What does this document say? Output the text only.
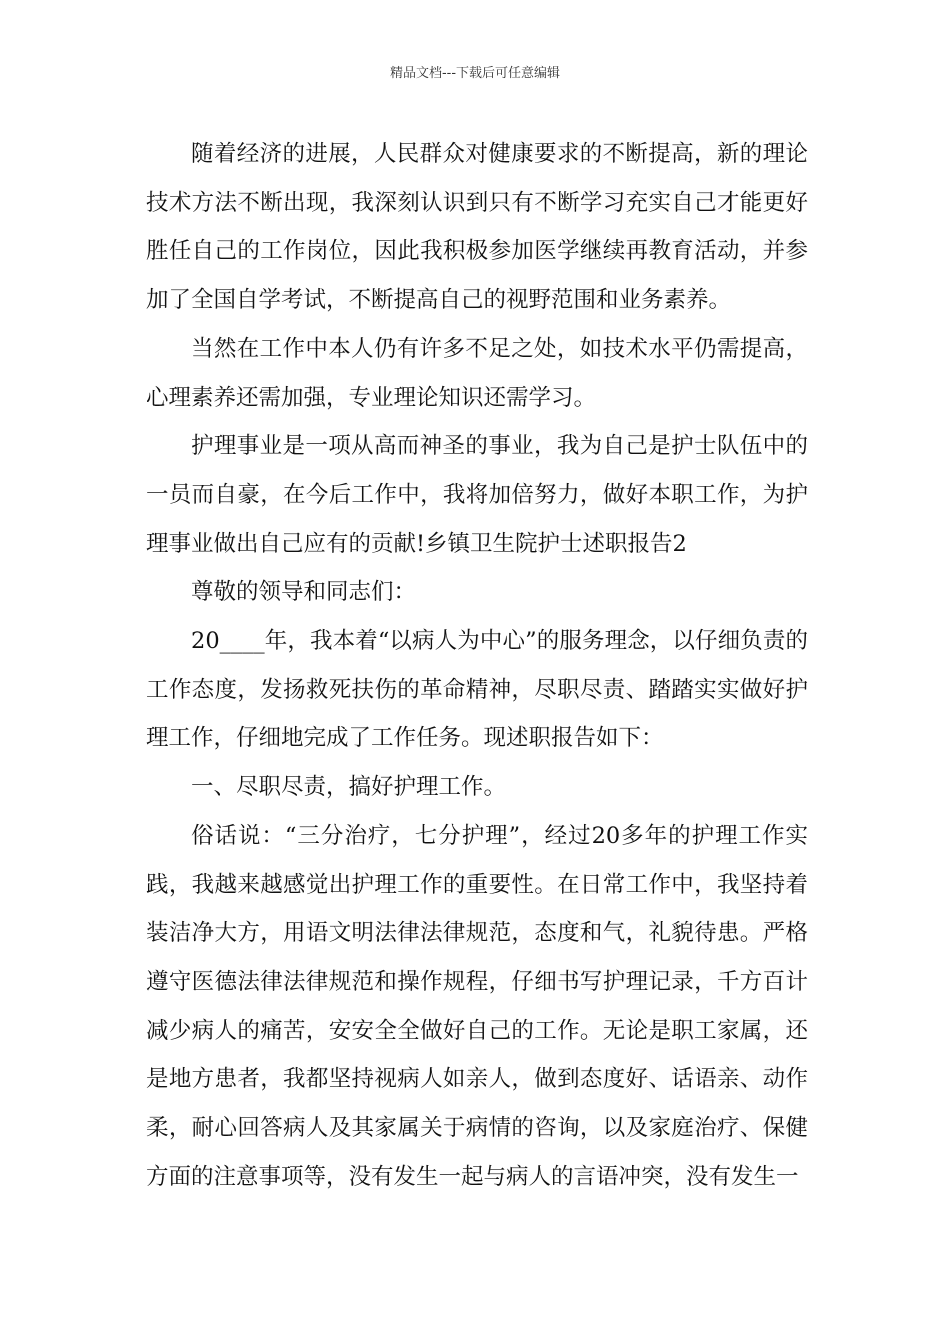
精品文档---下载后可任意编辑

随着经济的进展，人民群众对健康要求的不断提高，新的理论技术方法不断出现，我深刻认识到只有不断学习充实自己才能更好胜任自己的工作岗位，因此我积极参加医学继续再教育活动，并参加了全国自学考试，不断提高自己的视野范围和业务素养。

当然在工作中本人仍有许多不足之处，如技术水平仍需提高，心理素养还需加强，专业理论知识还需学习。

护理事业是一项从高而神圣的事业，我为自己是护士队伍中的一员而自豪，在今后工作中，我将加倍努力，做好本职工作，为护理事业做出自己应有的贡献!乡镇卫生院护士述职报告2

尊敬的领导和同志们：

20____年，我本着“以病人为中心”的服务理念，以仔细负责的工作态度，发扬救死扶伤的革命精神，尽职尽责、踏踏实实做好护理工作，仔细地完成了工作任务。现述职报告如下：

一、尽职尽责，搞好护理工作。

俗话说：“三分治疗，七分护理”，经过20多年的护理工作实践，我越来越感觉出护理工作的重要性。在日常工作中，我坚持着装洁净大方，用语文明法律法律规范，态度和气，礼貌待患。严格遵守医德法律法律规范和操作规程，仔细书写护理记录，千方百计减少病人的痛苦，安安全全做好自己的工作。无论是职工家属，还是地方患者，我都坚持视病人如亲人，做到态度好、话语亲、动作柔，耐心回答病人及其家属关于病情的咨询，以及家庭治疗、保健方面的注意事项等，没有发生一起与病人的言语冲突，没有发生一
